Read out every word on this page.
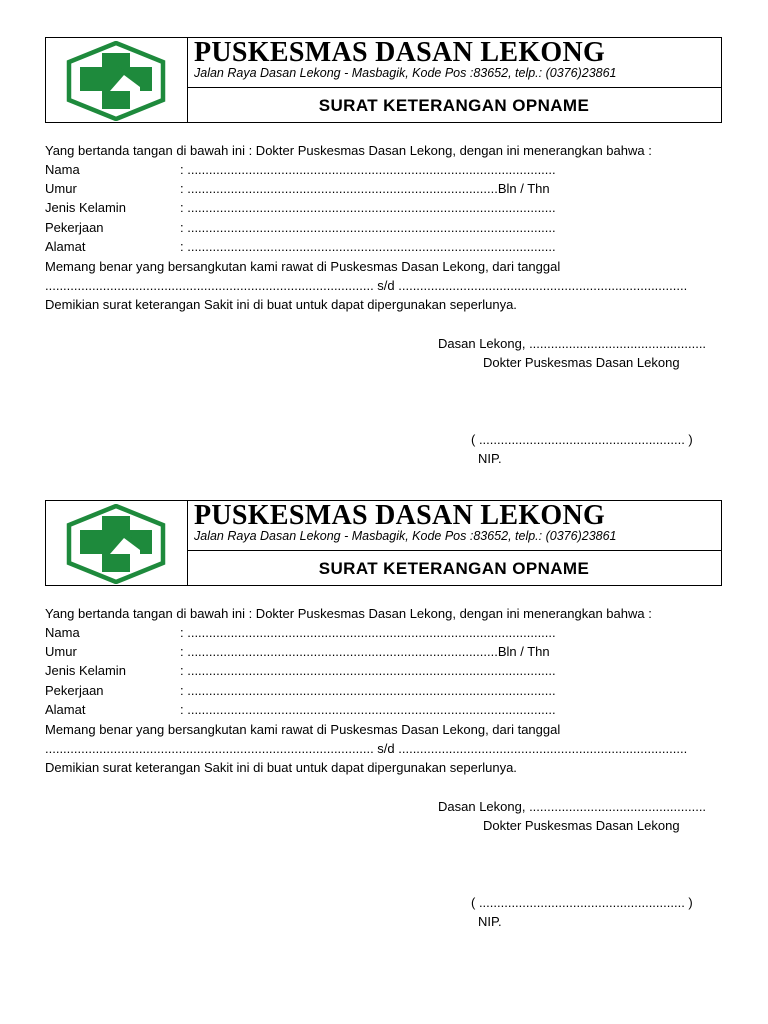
PUSKESMAS DASAN LEKONG
Jalan Raya Dasan Lekong - Masbagik, Kode Pos :83652, telp.: (0376)23861
SURAT KETERANGAN OPNAME
Yang bertanda tangan di bawah ini : Dokter Puskesmas Dasan Lekong, dengan ini menerangkan bahwa :
Nama	: ......................................................................................................
Umur	: ......................................................................................Bln / Thn
Jenis Kelamin	: ......................................................................................................
Pekerjaan	: ......................................................................................................
Alamat	: ......................................................................................................
Memang benar yang bersangkutan kami rawat di Puskesmas Dasan Lekong, dari tanggal
........................................................................................... s/d ................................................................................
Demikian surat keterangan Sakit ini di buat untuk dapat dipergunakan seperlunya.
Dasan Lekong, .................................................
Dokter Puskesmas Dasan Lekong
( ......................................................... )
NIP.
PUSKESMAS DASAN LEKONG
Jalan Raya Dasan Lekong - Masbagik, Kode Pos :83652, telp.: (0376)23861
SURAT KETERANGAN OPNAME
Yang bertanda tangan di bawah ini : Dokter Puskesmas Dasan Lekong, dengan ini menerangkan bahwa :
Nama	: ......................................................................................................
Umur	: ......................................................................................Bln / Thn
Jenis Kelamin	: ......................................................................................................
Pekerjaan	: ......................................................................................................
Alamat	: ......................................................................................................
Memang benar yang bersangkutan kami rawat di Puskesmas Dasan Lekong, dari tanggal
........................................................................................... s/d ................................................................................
Demikian surat keterangan Sakit ini di buat untuk dapat dipergunakan seperlunya.
Dasan Lekong, .................................................
Dokter Puskesmas Dasan Lekong
( ......................................................... )
NIP.
